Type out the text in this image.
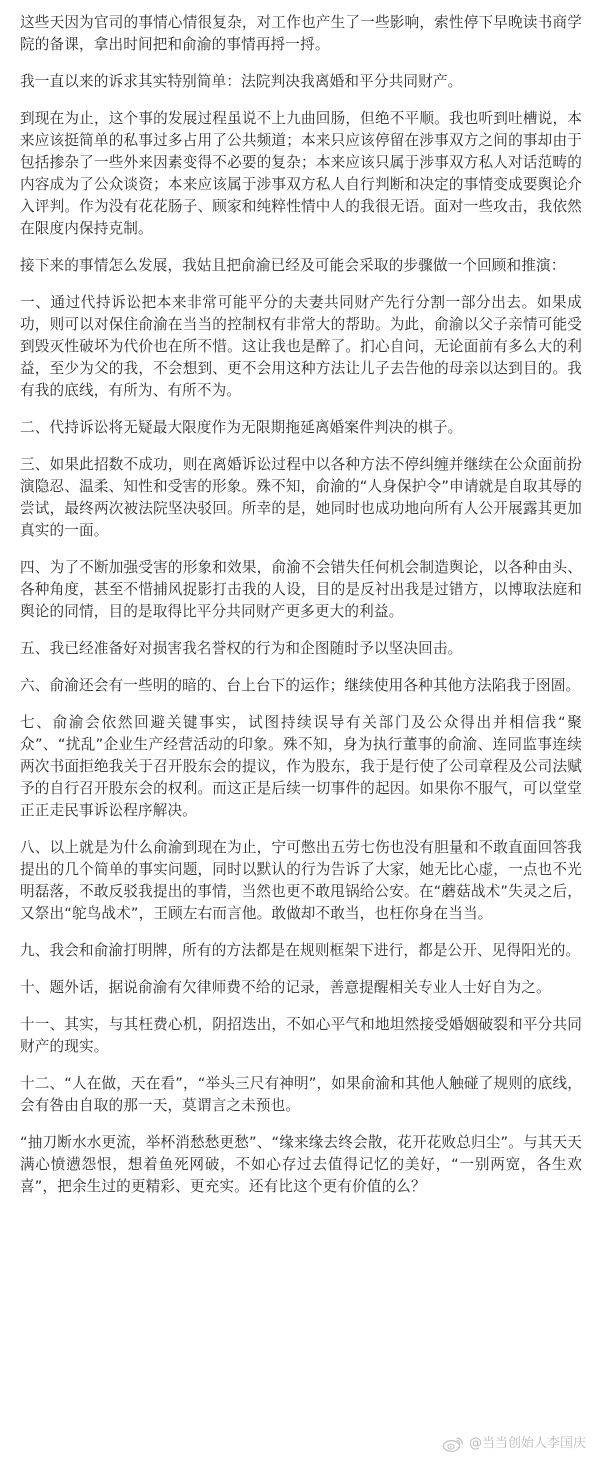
这些天因为官司的事情心情很复杂，对工作也产生了一些影响，索性停下早晚读书商学院的备课，拿出时间把和俞渝的事情再捋一捋。

我一直以来的诉求其实特别简单：法院判决我离婚和平分共同财产。

到现在为止，这个事的发展过程虽说不上九曲回肠，但绝不平顺。我也听到吐槽说，本来应该挺简单的私事过多占用了公共频道；本来只应该停留在涉事双方之间的事却由于包括掺杂了一些外来因素变得不必要的复杂；本来应该只属于涉事双方私人对话范畴的内容成为了公众谈资；本来应该属于涉事双方私人自行判断和决定的事情变成要舆论介入评判。作为没有花花肠子、顾家和纯粹性情中人的我很无语。面对一些攻击，我依然在限度内保持克制。

接下来的事情怎么发展，我姑且把俞渝已经及可能会采取的步骤做一个回顾和推演：

一、通过代持诉讼把本来非常可能平分的夫妻共同财产先行分割一部分出去。如果成功，则可以对保住俞渝在当当的控制权有非常大的帮助。为此，俞渝以父子亲情可能受到毁灭性破坏为代价也在所不惜。这让我也是醉了。扪心自问，无论面前有多么大的利益，至少为父的我，不会想到、更不会用这种方法让儿子去告他的母亲以达到目的。我有我的底线，有所为、有所不为。

二、代持诉讼将无疑最大限度作为无限期拖延离婚案件判决的棋子。

三、如果此招数不成功，则在离婚诉讼过程中以各种方法不停纠缠并继续在公众面前扮演隐忍、温柔、知性和受害的形象。殊不知，俞渝的“人身保护令”申请就是自取其辱的尝试，最终两次被法院坚决驳回。所幸的是，她同时也成功地向所有人公开展露其更加真实的一面。

四、为了不断加强受害的形象和效果，俞渝不会错失任何机会制造舆论，以各种由头、各种角度，甚至不惜捕风捉影打击我的人设，目的是反衬出我是过错方，以博取法庭和舆论的同情，目的是取得比平分共同财产更多更大的利益。

五、我已经准备好对损害我名誉权的行为和企图随时予以坚决回击。

六、俞渝还会有一些明的暗的、台上台下的运作；继续使用各种其他方法陷我于囹圄。

七、俞渝会依然回避关键事实，试图持续误导有关部门及公众得出并相信我“聚众”、“扰乱”企业生产经营活动的印象。殊不知，身为执行董事的俞渝、连同监事连续两次书面拒绝我关于召开股东会的提议，作为股东，我于是行使了公司章程及公司法赋予的自行召开股东会的权利。而这正是后续一切事件的起因。如果你不服气，可以堂堂正正走民事诉讼程序解决。

八、以上就是为什么俞渝到现在为止，宁可憋出五劳七伤也没有胆量和不敢直面回答我提出的几个简单的事实问题，同时以默认的行为告诉了大家，她无比心虚，一点也不光明磊落，不敢反驳我提出的事情，当然也更不敢甩锅给公安。在“蘑菇战术”失灵之后，又祭出“鸵鸟战术”，王顾左右而言他。敢做却不敢当，也枉你身在当当。

九、我会和俞渝打明牌，所有的方法都是在规则框架下进行，都是公开、见得阳光的。

十、题外话，据说俞渝有欠律师费不给的记录，善意提醒相关专业人士好自为之。

十一、其实，与其枉费心机，阴招迭出，不如心平气和地坦然接受婚姻破裂和平分共同财产的现实。

十二、“人在做，天在看”，“举头三尺有神明”，如果俞渝和其他人触碰了规则的底线，会有咎由自取的那一天，莫谓言之未预也。

“抽刀断水水更流，举杯消愁愁更愁”、“缘来缘去终会散，花开花败总归尘”。与其天天满心愤懑怨恨，想着鱼死网破，不如心存过去值得记忆的美好，“一别两宽，各生欢喜”，把余生过的更精彩、更充实。还有比这个更有价值的么？

@当当创始人李国庆
